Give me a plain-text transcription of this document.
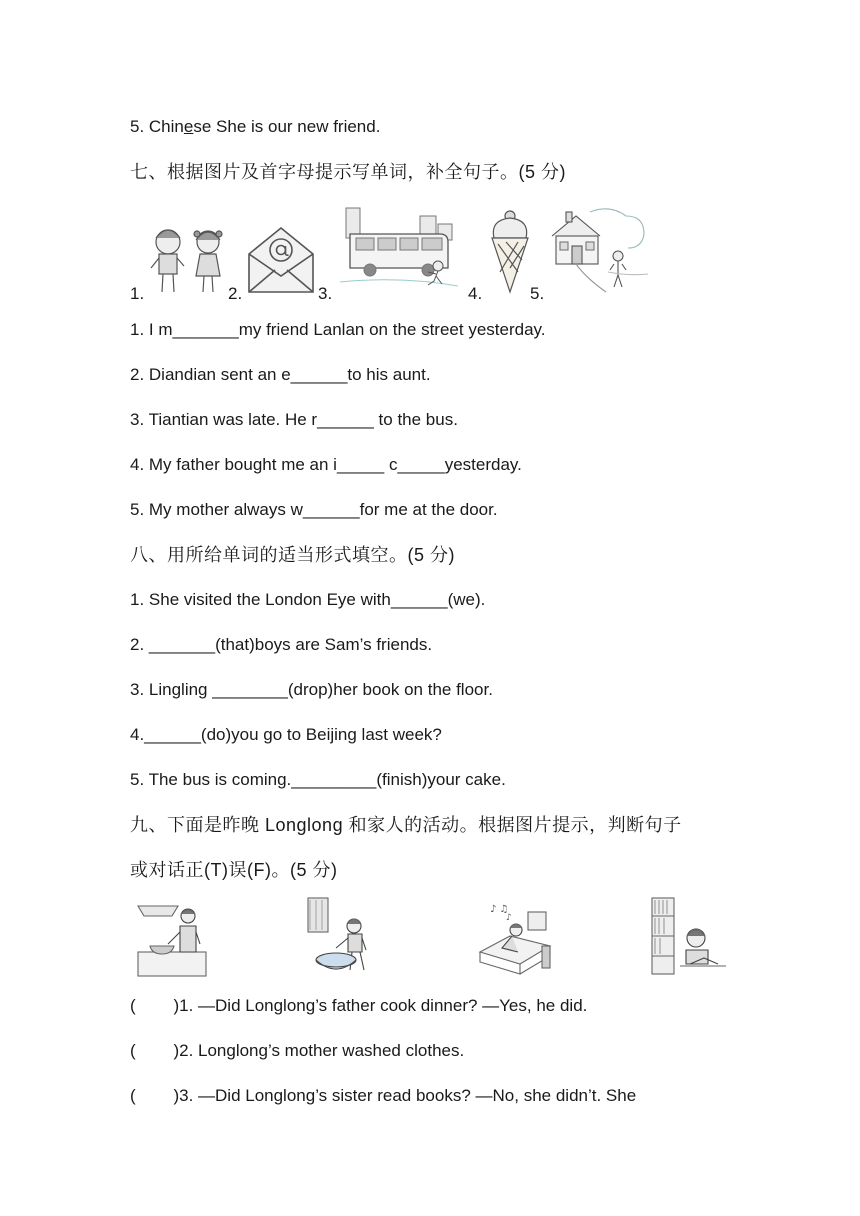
5. Chinese She is our new friend.
七、根据图片及首字母提示写单词，补全句子。(5 分)
1.	2.	3.	4.	5.
1. I m_______my friend Lanlan on the street yesterday.
2. Diandian sent an e______to his aunt.
3. Tiantian was late. He r______ to the bus.
4. My father bought me an i_____ c_____yesterday.
5. My mother always w______for me at the door.
八、用所给单词的适当形式填空。(5 分)
1. She visited the London Eye with______(we).
2. _______(that)boys are Sam’s friends.
3. Lingling ________(drop)her book on the floor.
4.______(do)you go to Beijing last week?
5. The bus is coming._________(finish)your cake.
九、下面是昨晚 Longlong 和家人的活动。根据图片提示，判断句子
或对话正(T)误(F)。(5 分)
♪ ♫
♪
(        )1. —Did Longlong’s father cook dinner? —Yes, he did.
(        )2. Longlong’s mother washed clothes.
(        )3. —Did Longlong’s sister read books? —No, she didn’t. She
